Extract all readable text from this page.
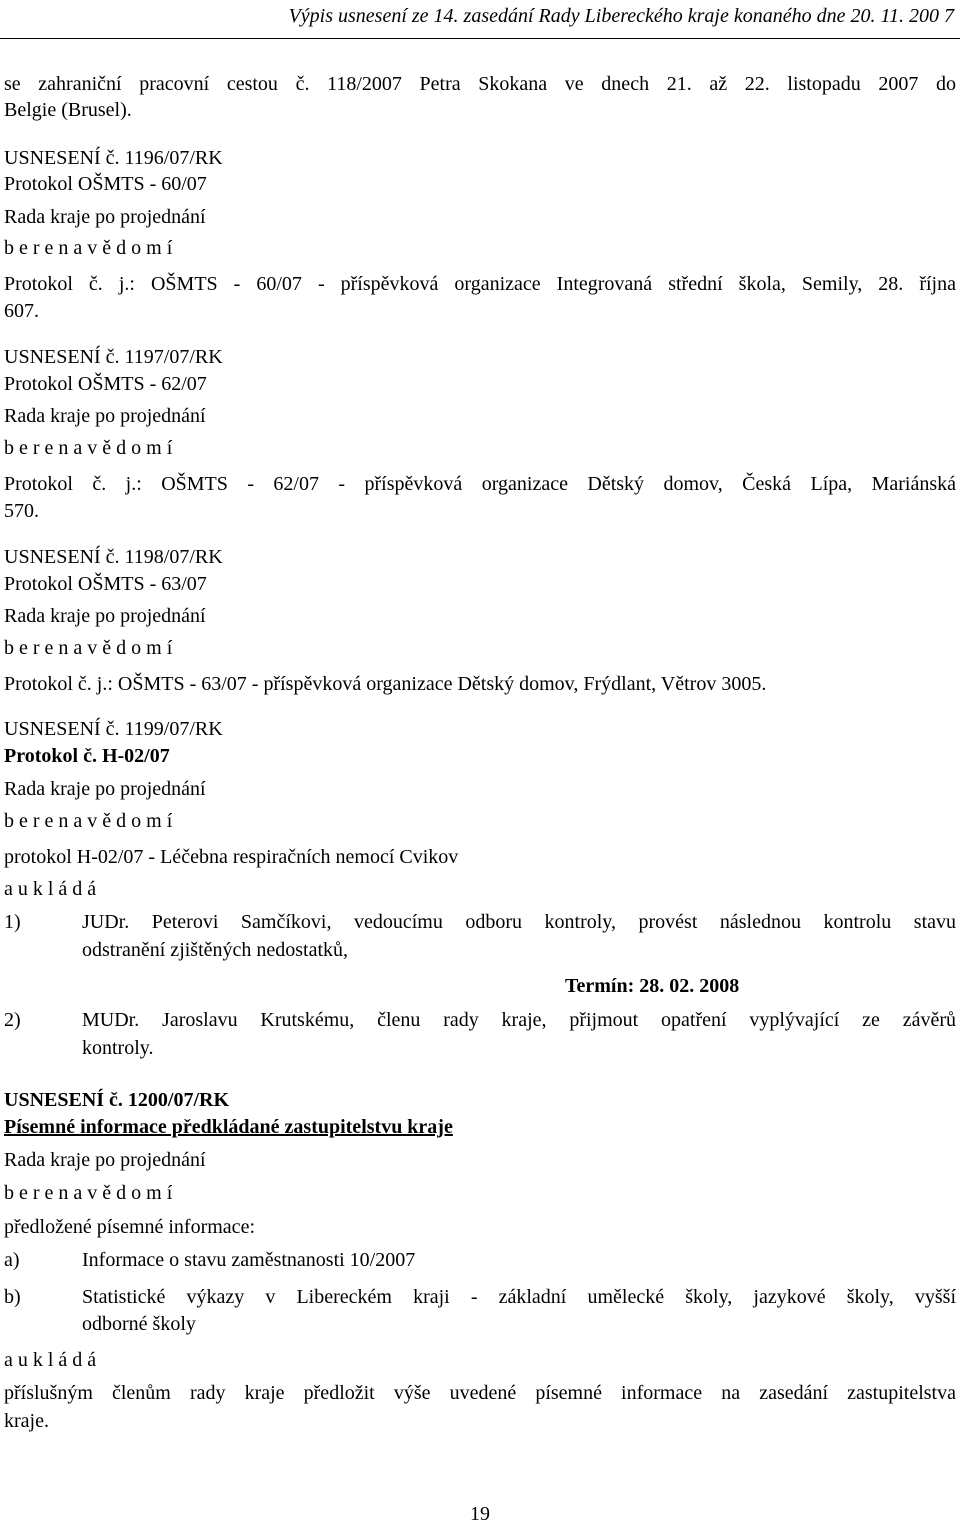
Výpis usnesení ze 14. zasedání Rady Libereckého kraje konaného dne 20. 11. 200 7
se zahraniční pracovní cestou č. 118/2007 Petra Skokana ve dnech 21. až 22. listopadu 2007 do
Belgie (Brusel).
USNESENÍ č. 1196/07/RK
Protokol OŠMTS - 60/07
Rada kraje po projednání
b e r e n a v ě d o m í
Protokol č. j.: OŠMTS - 60/07 - příspěvková organizace Integrovaná střední škola, Semily, 28. října
607.
USNESENÍ č. 1197/07/RK
Protokol OŠMTS - 62/07
Rada kraje po projednání
b e r e n a v ě d o m í
Protokol č. j.: OŠMTS - 62/07 - příspěvková organizace Dětský domov, Česká Lípa, Mariánská
570.
USNESENÍ č. 1198/07/RK
Protokol OŠMTS - 63/07
Rada kraje po projednání
b e r e n a v ě d o m í
Protokol č. j.: OŠMTS - 63/07 - příspěvková organizace Dětský domov, Frýdlant, Větrov 3005.
USNESENÍ č. 1199/07/RK
Protokol č. H-02/07
Rada kraje po projednání
b e r e n a v ě d o m í
protokol H-02/07 - Léčebna respiračních nemocí Cvikov
a u k l á d á
1)	JUDr. Peterovi Samčíkovi, vedoucímu odboru kontroly, provést následnou kontrolu stavu
odstranění zjištěných nedostatků,
Termín: 28. 02. 2008
2)	MUDr. Jaroslavu Krutskému, členu rady kraje, přijmout opatření vyplývající ze závěrů
kontroly.
USNESENÍ č. 1200/07/RK
Písemné informace předkládané zastupitelstvu kraje
Rada kraje po projednání
b e r e n a v ě d o m í
předložené písemné informace:
a)	Informace o stavu zaměstnanosti 10/2007
b)	Statistické výkazy v Libereckém kraji - základní umělecké školy, jazykové školy, vyšší
odborné školy
a u k l á d á
příslušným členům rady kraje předložit výše uvedené písemné informace na zasedání zastupitelstva
kraje.
19
